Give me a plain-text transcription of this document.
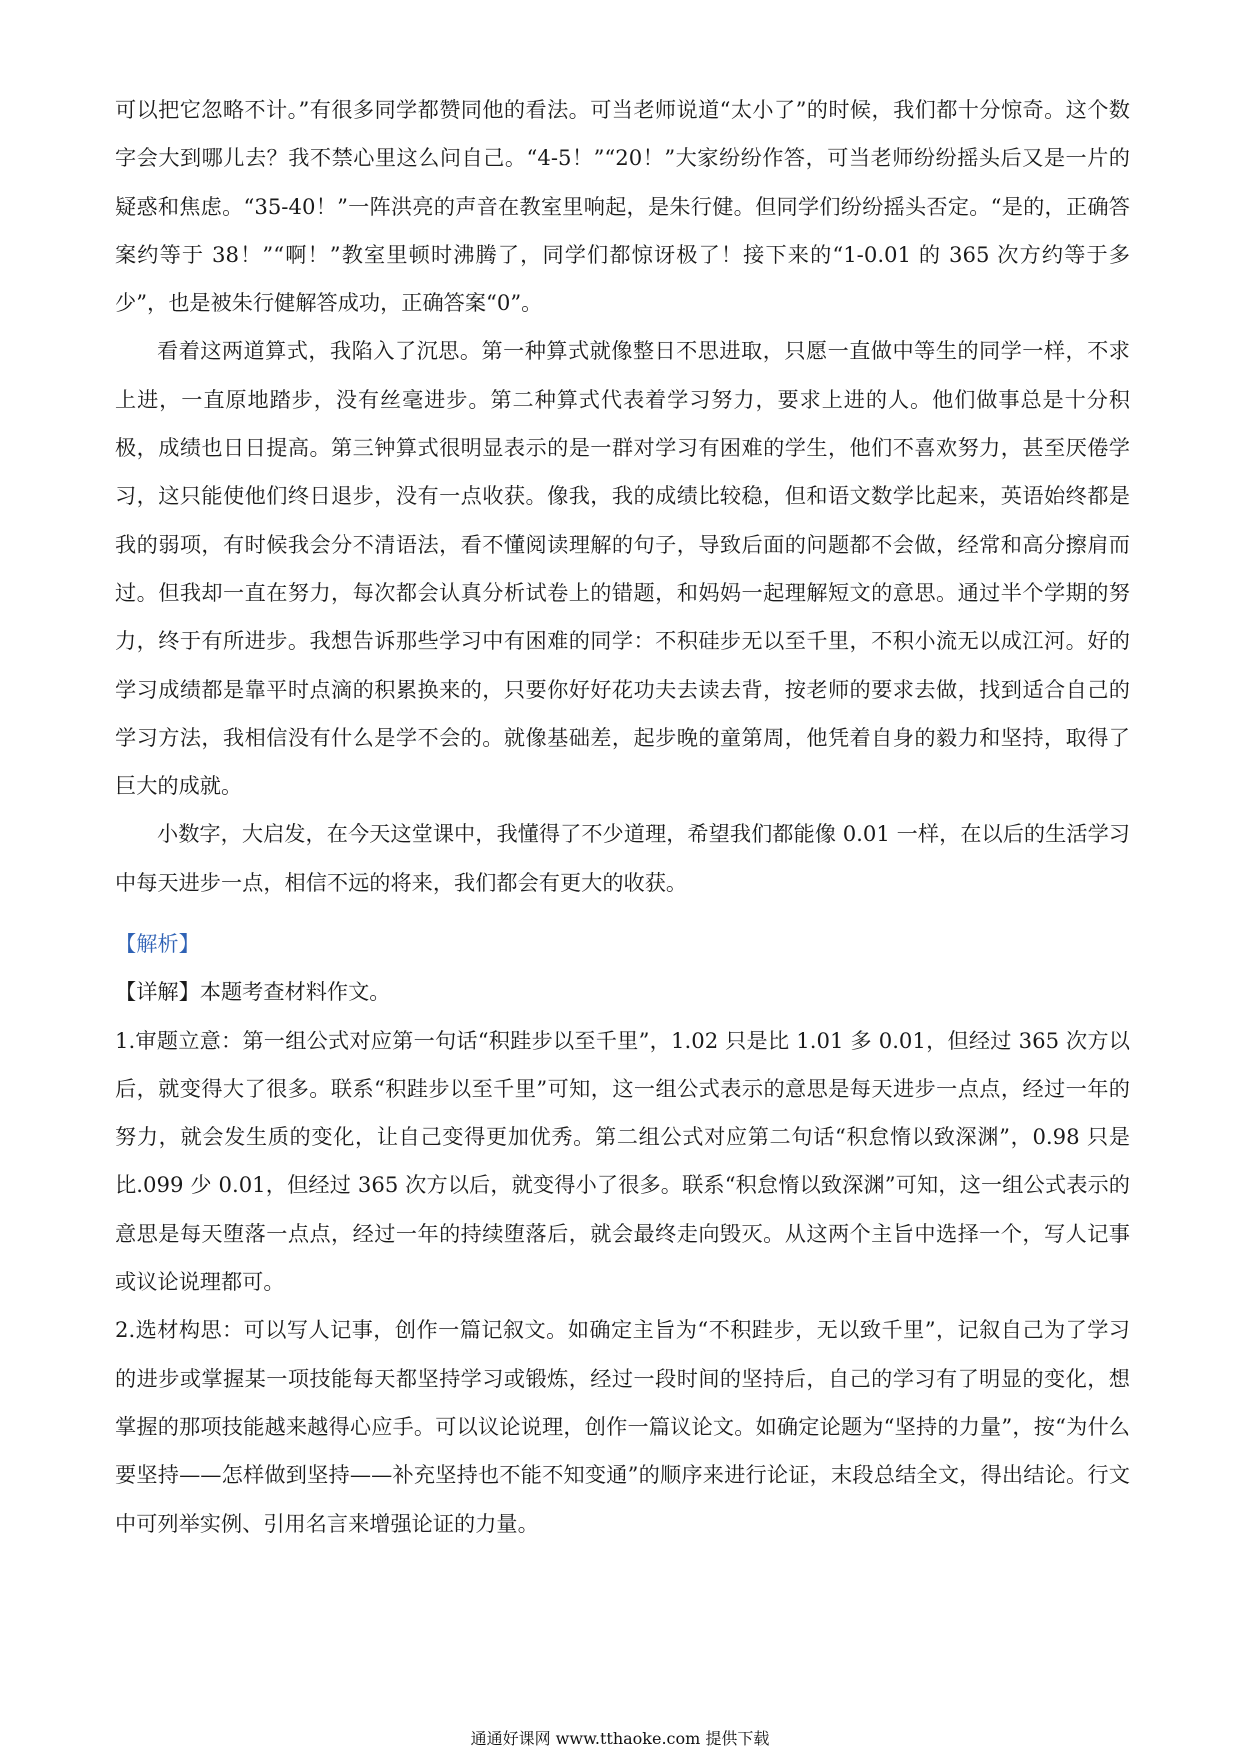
可以把它忽略不计。”有很多同学都赞同他的看法。可当老师说道“太小了”的时候，我们都十分惊奇。这个数字会大到哪儿去？我不禁心里这么问自己。“4-5！”“20！”大家纷纷作答，可当老师纷纷摇头后又是一片的疑惑和焦虑。“35-40！”一阵洪亮的声音在教室里响起，是朱行健。但同学们纷纷摇头否定。“是的，正确答案约等于 38！”“啊！”教室里顿时沸腾了，同学们都惊讶极了！接下来的“1-0.01 的 365 次方约等于多少”，也是被朱行健解答成功，正确答案“0”。

看着这两道算式，我陷入了沉思。第一种算式就像整日不思进取，只愿一直做中等生的同学一样，不求上进，一直原地踏步，没有丝毫进步。第二种算式代表着学习努力，要求上进的人。他们做事总是十分积极，成绩也日日提高。第三钟算式很明显表示的是一群对学习有困难的学生，他们不喜欢努力，甚至厌倦学习，这只能使他们终日退步，没有一点收获。像我，我的成绩比较稳，但和语文数学比起来，英语始终都是我的弱项，有时候我会分不清语法，看不懂阅读理解的句子，导致后面的问题都不会做，经常和高分擦肩而过。但我却一直在努力，每次都会认真分析试卷上的错题，和妈妈一起理解短文的意思。通过半个学期的努力，终于有所进步。我想告诉那些学习中有困难的同学：不积硅步无以至千里，不积小流无以成江河。好的学习成绩都是靠平时点滴的积累换来的，只要你好好花功夫去读去背，按老师的要求去做，找到适合自己的学习方法，我相信没有什么是学不会的。就像基础差，起步晚的童第周，他凭着自身的毅力和坚持，取得了巨大的成就。

小数字，大启发，在今天这堂课中，我懂得了不少道理，希望我们都能像 0.01 一样，在以后的生活学习中每天进步一点，相信不远的将来，我们都会有更大的收获。

【解析】

【详解】本题考查材料作文。

1.审题立意：第一组公式对应第一句话“积跬步以至千里”，1.02 只是比 1.01 多 0.01，但经过 365 次方以后，就变得大了很多。联系“积跬步以至千里”可知，这一组公式表示的意思是每天进步一点点，经过一年的努力，就会发生质的变化，让自己变得更加优秀。第二组公式对应第二句话“积怠惰以致深渊”，0.98 只是比.099 少 0.01，但经过 365 次方以后，就变得小了很多。联系“积怠惰以致深渊”可知，这一组公式表示的意思是每天堕落一点点，经过一年的持续堕落后，就会最终走向毁灭。从这两个主旨中选择一个，写人记事或议论说理都可。

2.选材构思：可以写人记事，创作一篇记叙文。如确定主旨为“不积跬步，无以致千里”，记叙自己为了学习的进步或掌握某一项技能每天都坚持学习或锻炼，经过一段时间的坚持后，自己的学习有了明显的变化，想掌握的那项技能越来越得心应手。可以议论说理，创作一篇议论文。如确定论题为“坚持的力量”，按“为什么要坚持——怎样做到坚持——补充坚持也不能不知变通”的顺序来进行论证，末段总结全文，得出结论。行文中可列举实例、引用名言来增强论证的力量。

通通好课网 www.tthaoke.com 提供下载
